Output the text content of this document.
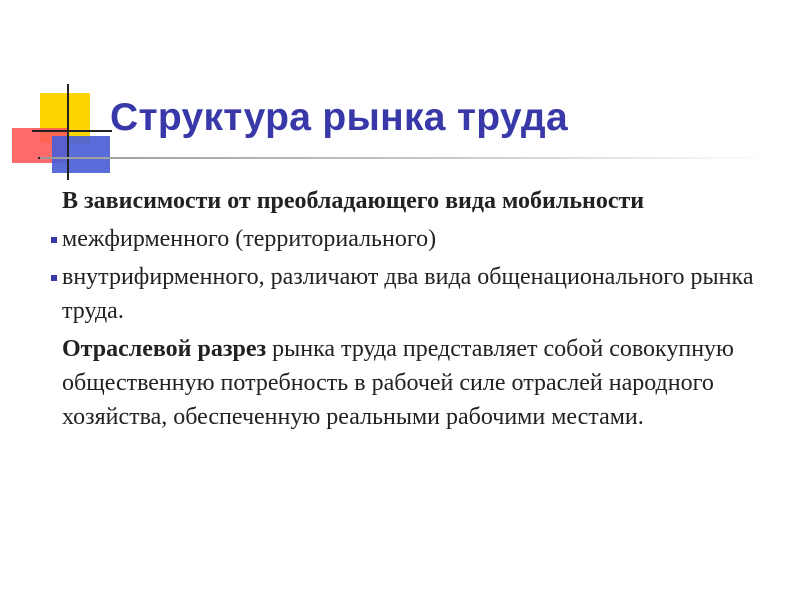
Структура рынка труда

В зависимости от преобладающего вида мобильности

межфирменного (территориального)
внутрифирменного, различают два вида общенационального рынка труда.

Отраслевой разрез рынка труда представляет собой совокупную общественную потребность в рабочей силе отраслей народного хозяйства, обеспеченную реальными рабочими местами.
